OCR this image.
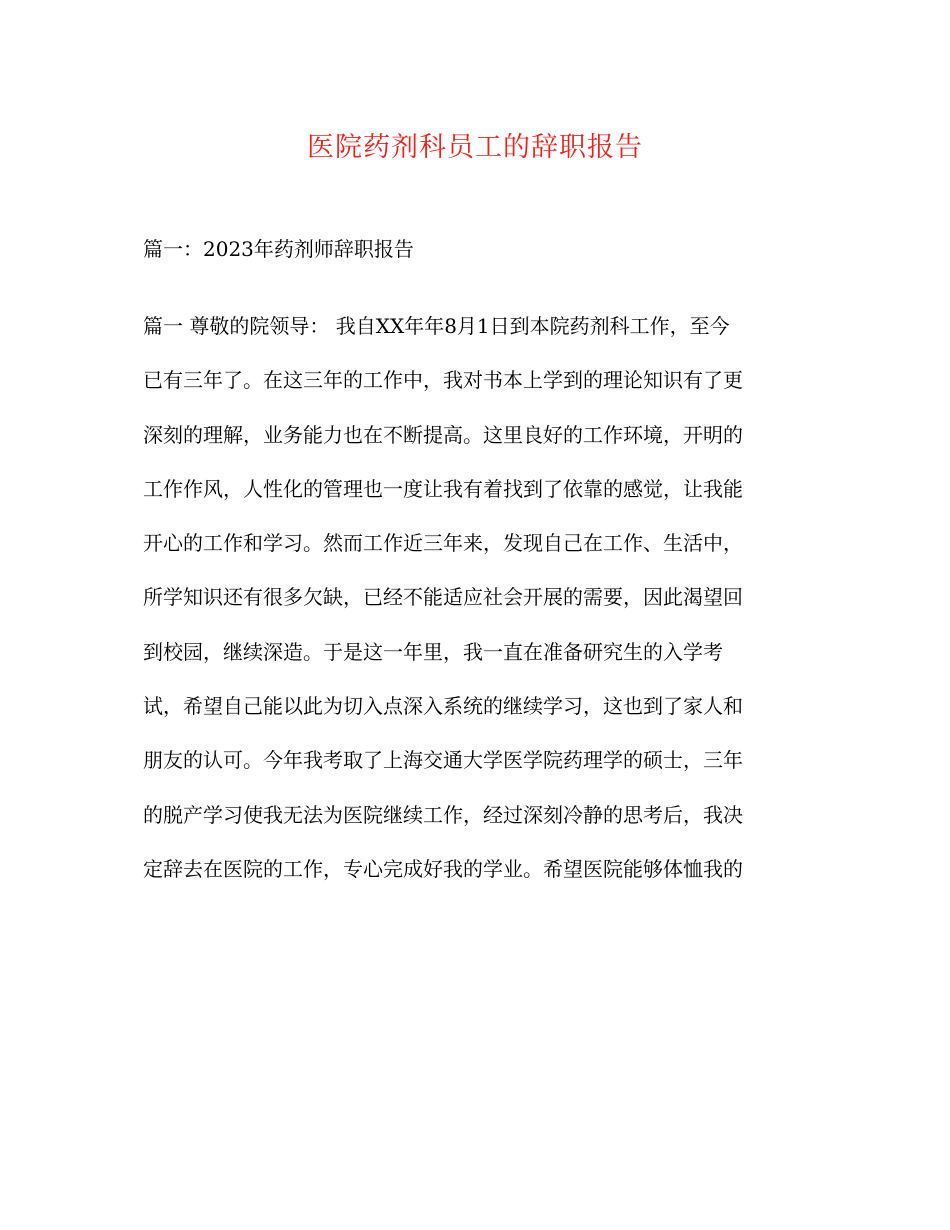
医院药剂科员工的辞职报告
篇一：2023年药剂师辞职报告
篇一 尊敬的院领导： 我自XX年年8月1日到本院药剂科工作，至今
已有三年了。在这三年的工作中，我对书本上学到的理论知识有了更
深刻的理解，业务能力也在不断提高。这里良好的工作环境，开明的
工作作风，人性化的管理也一度让我有着找到了依靠的感觉，让我能
开心的工作和学习。然而工作近三年来，发现自己在工作、生活中，
所学知识还有很多欠缺，已经不能适应社会开展的需要，因此渴望回
到校园，继续深造。于是这一年里，我一直在准备研究生的入学考
试，希望自己能以此为切入点深入系统的继续学习，这也到了家人和
朋友的认可。今年我考取了上海交通大学医学院药理学的硕士，三年
的脱产学习使我无法为医院继续工作，经过深刻冷静的思考后，我决
定辞去在医院的工作，专心完成好我的学业。希望医院能够体恤我的
